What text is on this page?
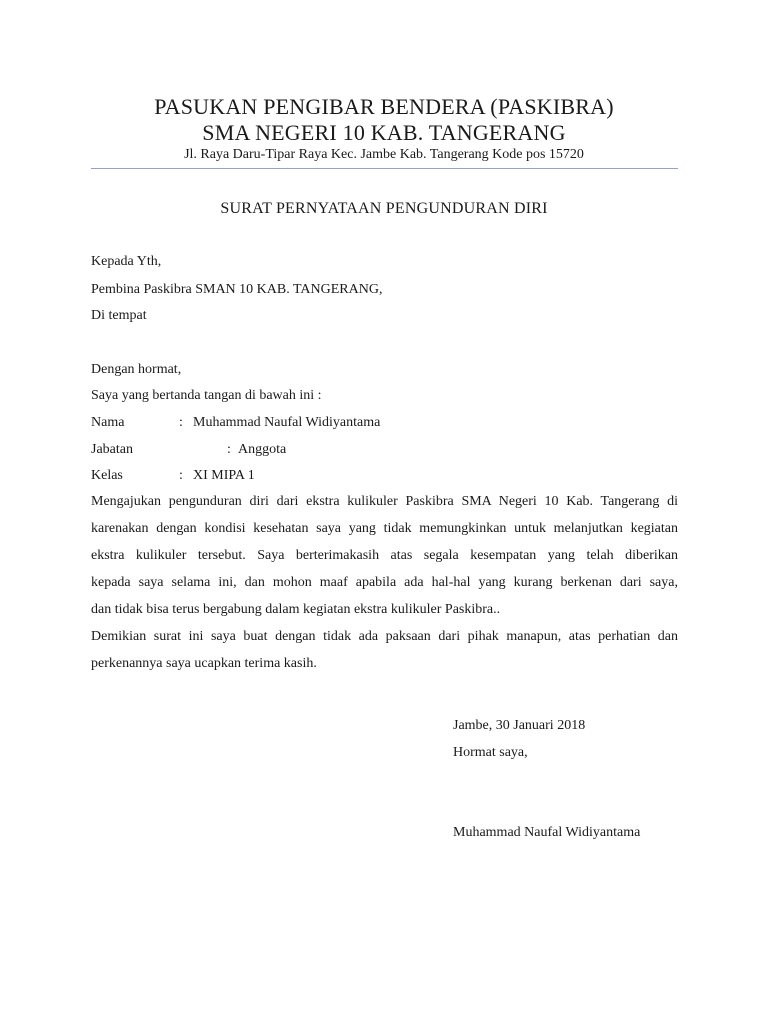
PASUKAN PENGIBAR BENDERA (PASKIBRA)
SMA NEGERI 10 KAB. TANGERANG
Jl. Raya Daru-Tipar Raya Kec. Jambe Kab. Tangerang Kode pos 15720
SURAT PERNYATAAN PENGUNDURAN DIRI
Kepada Yth,
Pembina Paskibra SMAN 10 KAB. TANGERANG,
Di tempat
Dengan hormat,
Saya yang bertanda tangan di bawah ini :
Nama	: Muhammad Naufal Widiyantama
Jabatan	: Anggota
Kelas	: XI MIPA 1
Mengajukan pengunduran diri dari ekstra kulikuler Paskibra SMA Negeri 10 Kab. Tangerang di
karenakan dengan kondisi kesehatan saya yang tidak memungkinkan untuk melanjutkan kegiatan
ekstra kulikuler tersebut. Saya berterimakasih atas segala kesempatan yang telah diberikan
kepada saya selama ini, dan mohon maaf apabila ada hal-hal yang kurang berkenan dari saya,
dan tidak bisa terus bergabung dalam kegiatan ekstra kulikuler Paskibra..
Demikian surat ini saya buat dengan tidak ada paksaan dari pihak manapun, atas perhatian dan
perkenannya saya ucapkan terima kasih.
Jambe, 30 Januari 2018
Hormat saya,
Muhammad Naufal Widiyantama
